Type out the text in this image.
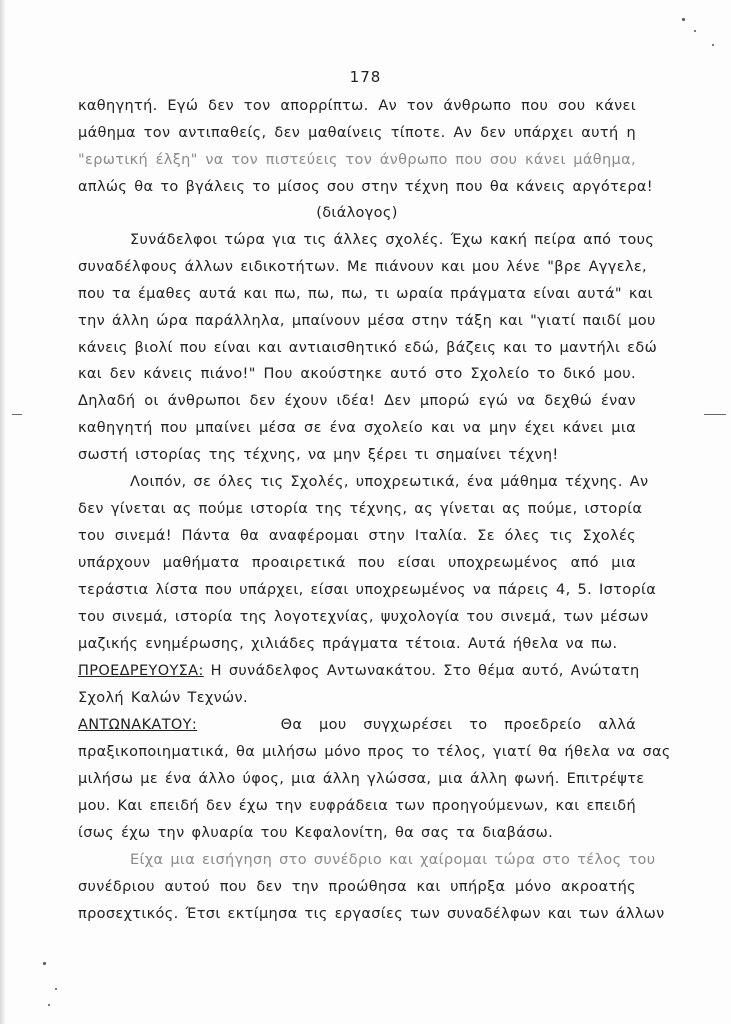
178
καθηγητή. Εγώ δεν τον απορρίπτω. Αν τον άνθρωπο που σου κάνει
μάθημα τον αντιπαθείς, δεν μαθαίνεις τίποτε. Αν δεν υπάρχει αυτή η
"ερωτική έλξη" να τον πιστεύεις τον άνθρωπο που σου κάνει μάθημα,
απλώς θα το βγάλεις το μίσος σου στην τέχνη που θα κάνεις αργότερα!
(διάλογος)
Συνάδελφοι τώρα για τις άλλες σχολές. Έχω κακή πείρα από τους
συναδέλφους άλλων ειδικοτήτων. Με πιάνουν και μου λένε "βρε Αγγελε,
που τα έμαθες αυτά και πω, πω, πω, τι ωραία πράγματα είναι αυτά" και
την άλλη ώρα παράλληλα, μπαίνουν μέσα στην τάξη και "γιατί παιδί μου
κάνεις βιολί που είναι και αντιαισθητικό εδώ, βάζεις και το μαντήλι εδώ
και δεν κάνεις πιάνο!" Που ακούστηκε αυτό στο Σχολείο το δικό μου.
Δηλαδή οι άνθρωποι δεν έχουν ιδέα! Δεν μπορώ εγώ να δεχθώ έναν
καθηγητή που μπαίνει μέσα σε ένα σχολείο και να μην έχει κάνει μια
σωστή ιστορίας της τέχνης, να μην ξέρει τι σημαίνει τέχνη!
Λοιπόν, σε όλες τις Σχολές, υποχρεωτικά, ένα μάθημα τέχνης. Αν
δεν γίνεται ας πούμε ιστορία της τέχνης, ας γίνεται ας πούμε, ιστορία
του σινεμά! Πάντα θα αναφέρομαι στην Ιταλία. Σε όλες τις Σχολές
υπάρχουν μαθήματα προαιρετικά που είσαι υποχρεωμένος από μια
τεράστια λίστα που υπάρχει, είσαι υποχρεωμένος να πάρεις 4, 5. Ιστορία
του σινεμά, ιστορία της λογοτεχνίας, ψυχολογία του σινεμά, των μέσων
μαζικής ενημέρωσης, χιλιάδες πράγματα τέτοια. Αυτά ήθελα να πω.
ΠΡΟΕΔΡΕΥΟΥΣΑ: Η συνάδελφος Αντωνακάτου. Στο θέμα αυτό, Ανώτατη
Σχολή Καλών Τεχνών.
ΑΝΤΩΝΑΚΑΤΟΥ:	Θα μου συγχωρέσει το προεδρείο αλλά
πραξικοποιηματικά, θα μιλήσω μόνο προς το τέλος, γιατί θα ήθελα να σας
μιλήσω με ένα άλλο ύφος, μια άλλη γλώσσα, μια άλλη φωνή. Επιτρέψτε
μου. Και επειδή δεν έχω την ευφράδεια των προηγούμενων, και επειδή
ίσως έχω την φλυαρία του Κεφαλονίτη, θα σας τα διαβάσω.
Είχα μια εισήγηση στο συνέδριο και χαίρομαι τώρα στο τέλος του
συνέδριου αυτού που δεν την προώθησα και υπήρξα μόνο ακροατής
προσεχτικός. Έτσι εκτίμησα τις εργασίες των συναδέλφων και των άλλων
